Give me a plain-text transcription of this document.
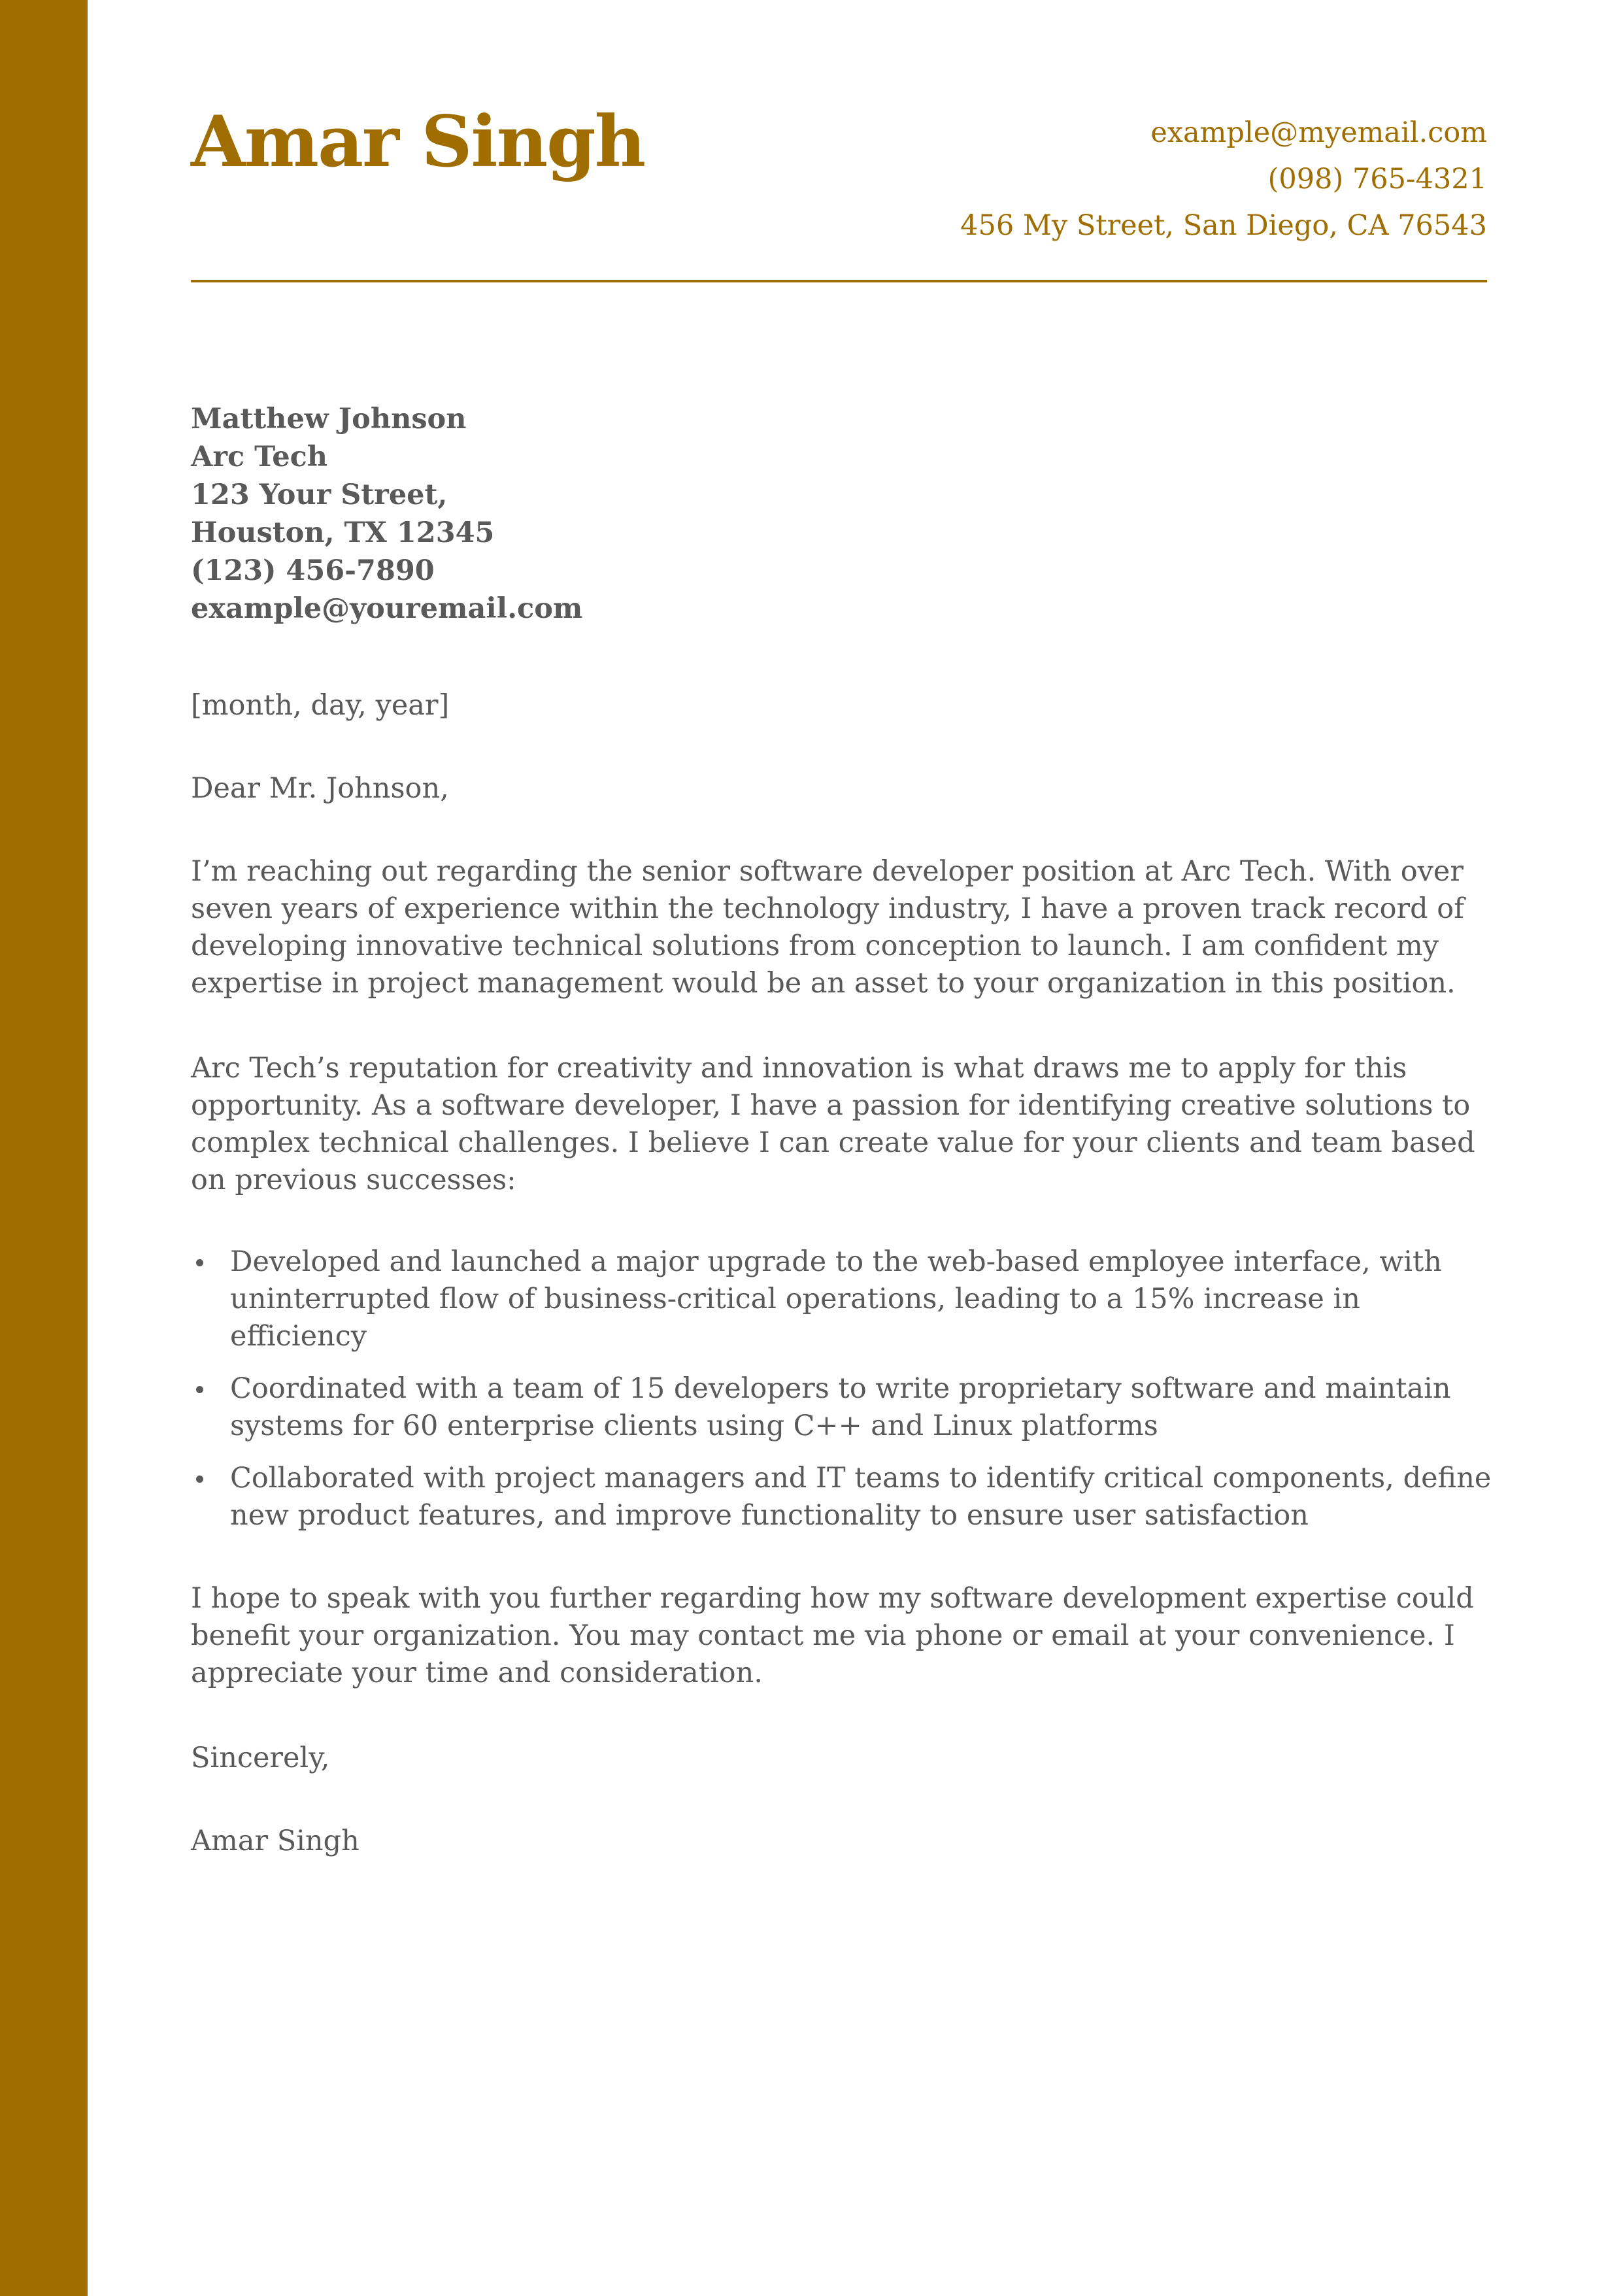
Amar Singh	example@myemail.com
(098) 765-4321
456 My Street, San Diego, CA 76543
Matthew Johnson
Arc Tech
123 Your Street,
Houston, TX 12345
(123) 456-7890
example@youremail.com

[month, day, year]

Dear Mr. Johnson,

I’m reaching out regarding the senior software developer position at Arc Tech. With over seven years of experience within the technology industry, I have a proven track record of developing innovative technical solutions from conception to launch. I am confident my expertise in project management would be an asset to your organization in this position.

Arc Tech’s reputation for creativity and innovation is what draws me to apply for this opportunity. As a software developer, I have a passion for identifying creative solutions to complex technical challenges. I believe I can create value for your clients and team based on previous successes:

Developed and launched a major upgrade to the web-based employee interface, with uninterrupted flow of business-critical operations, leading to a 15% increase in efficiency
Coordinated with a team of 15 developers to write proprietary software and maintain systems for 60 enterprise clients using C++ and Linux platforms
Collaborated with project managers and IT teams to identify critical components, define new product features, and improve functionality to ensure user satisfaction

I hope to speak with you further regarding how my software development expertise could benefit your organization. You may contact me via phone or email at your convenience. I appreciate your time and consideration.

Sincerely,

Amar Singh
